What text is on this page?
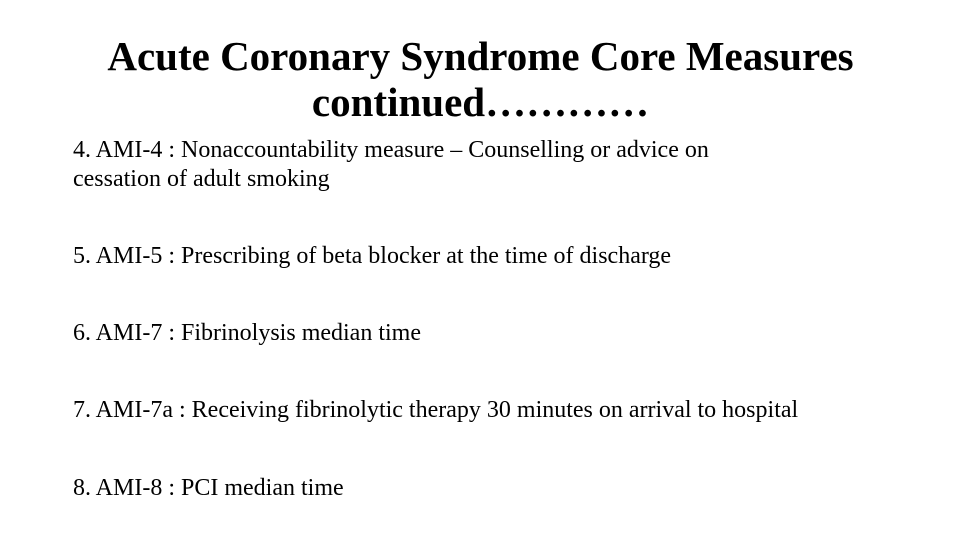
Acute Coronary Syndrome Core Measures
continued…………
4. AMI-4 : Nonaccountability measure – Counselling or advice on
cessation of adult smoking
5. AMI-5 : Prescribing of beta blocker at the time of discharge
6. AMI-7 : Fibrinolysis median time
7. AMI-7a : Receiving fibrinolytic therapy 30 minutes on arrival to hospital
8. AMI-8 : PCI median time
